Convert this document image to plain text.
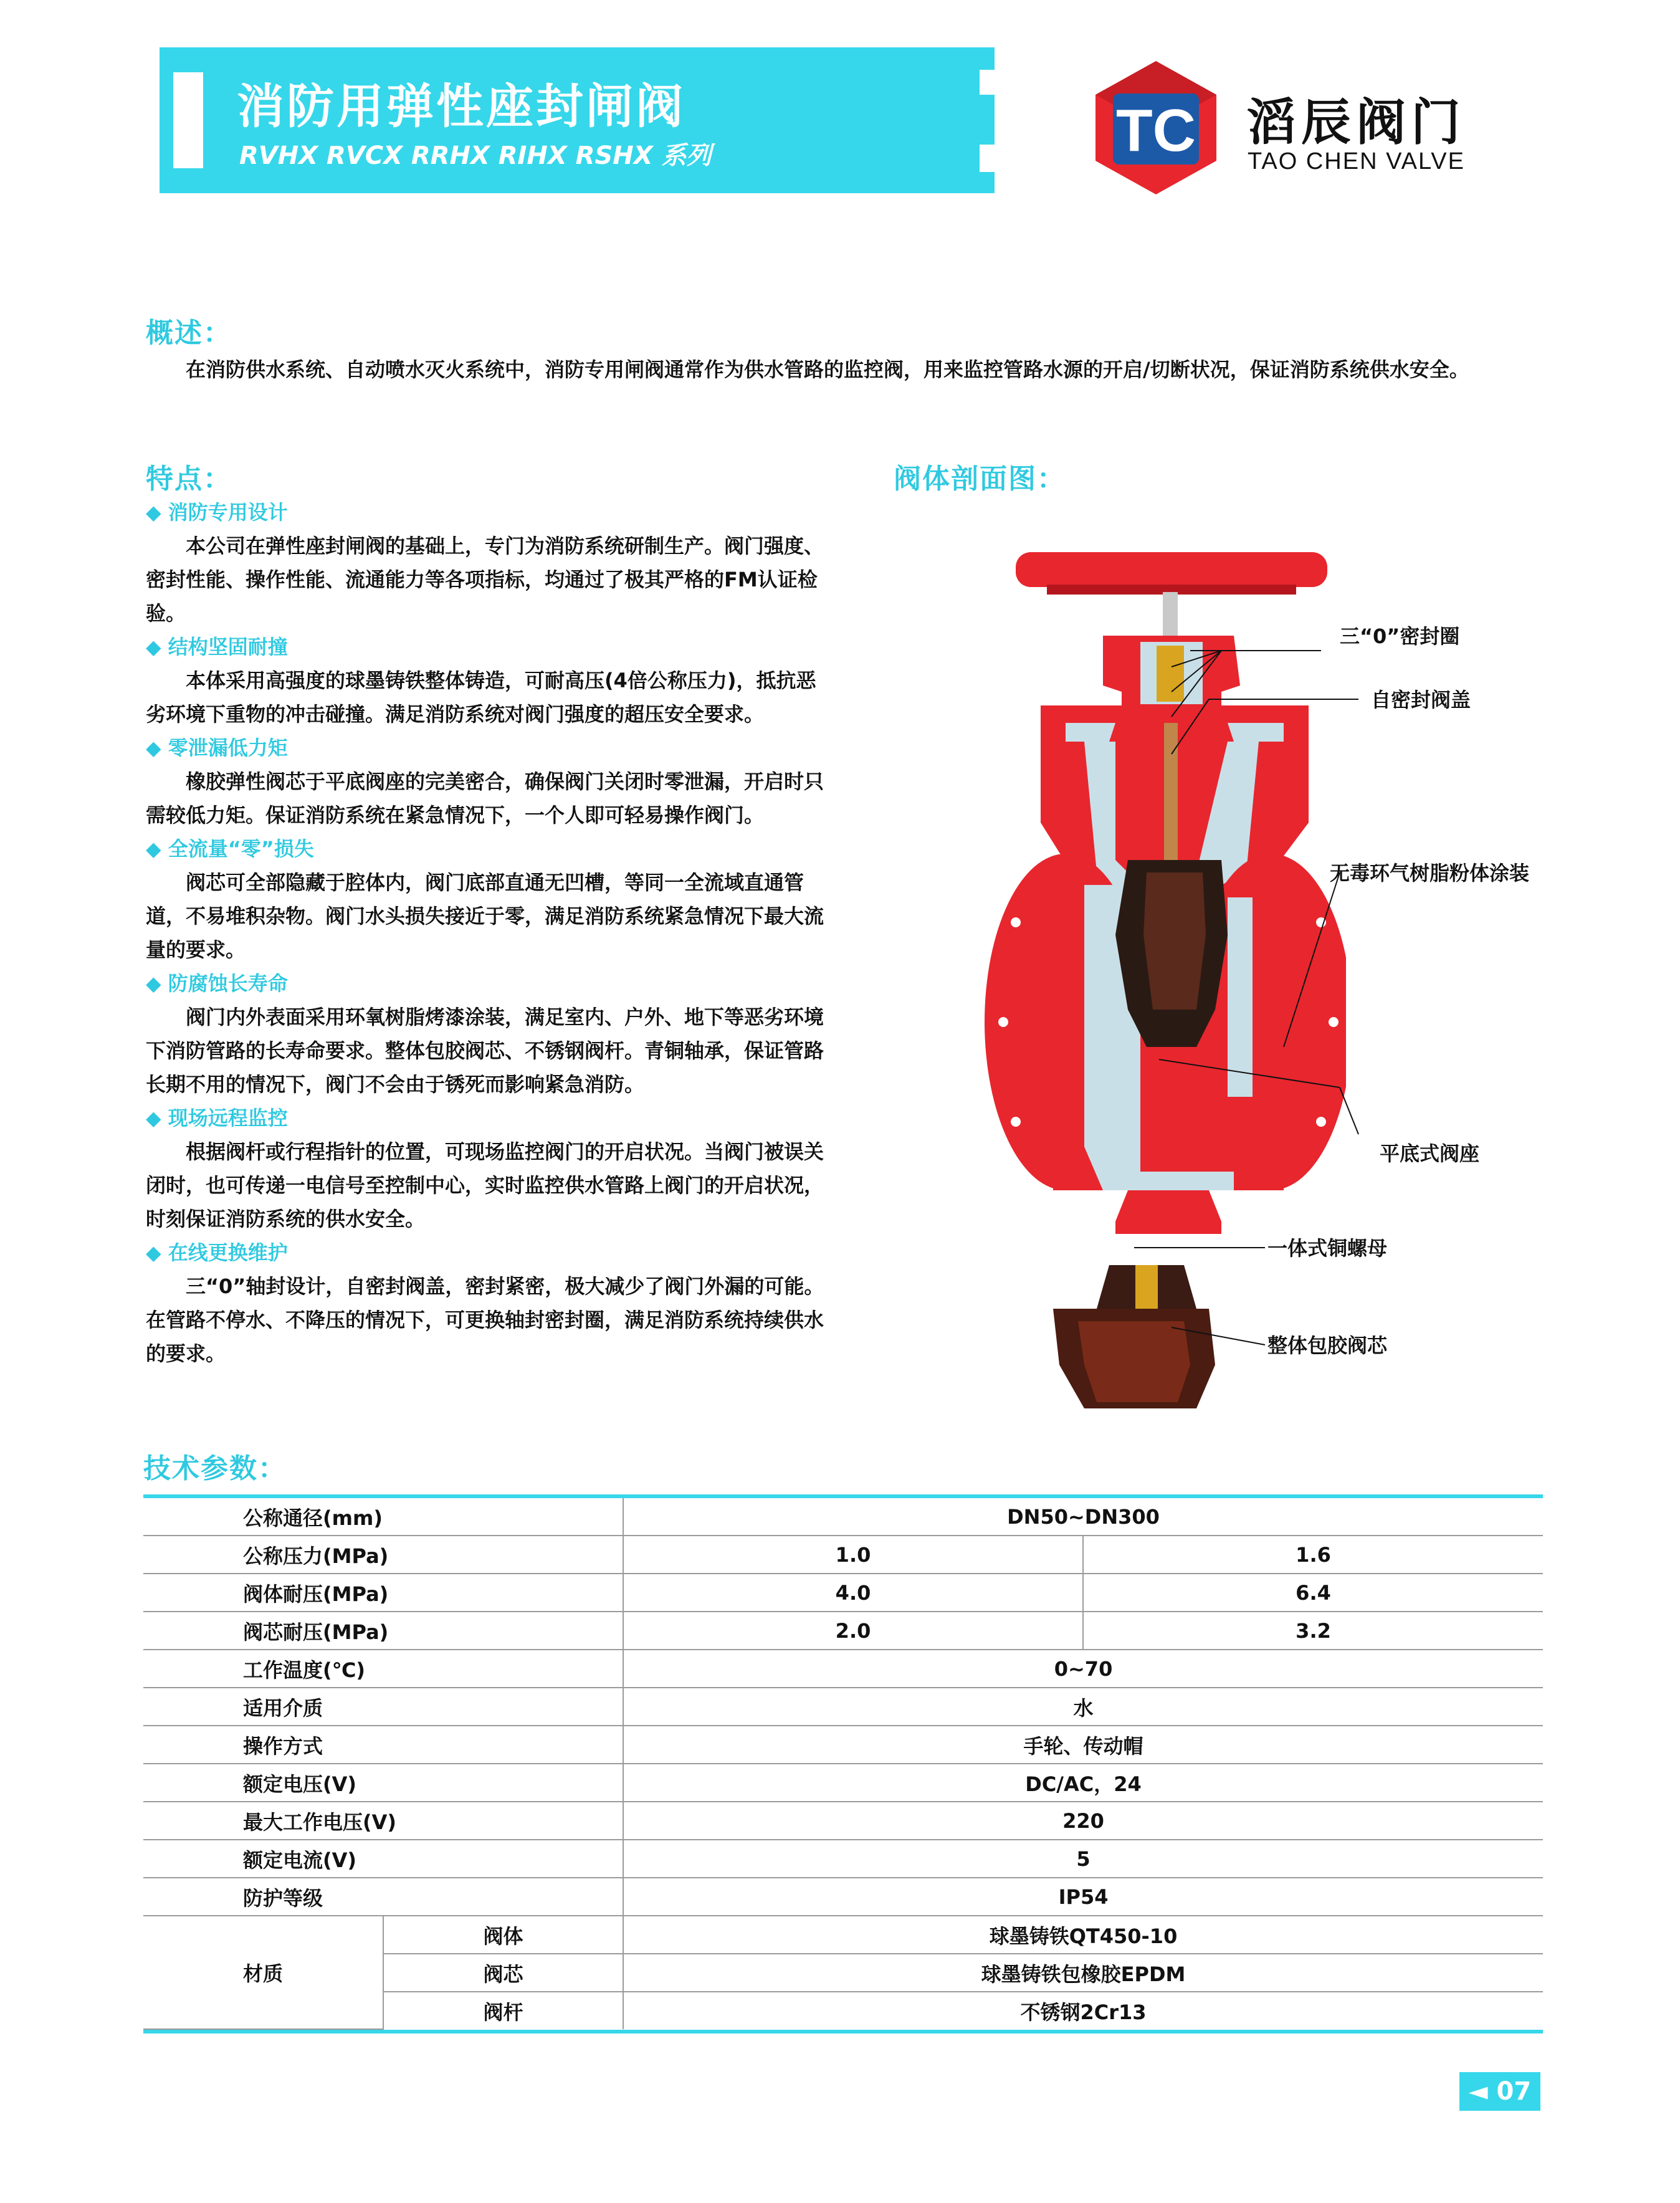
消防用弹性座封闸阀
RVHX RVCX RRHX RIHX RSHX 系列	TC 滔辰阀门
TAO CHEN VALVE
概述：
在消防供水系统、自动喷水灭火系统中，消防专用闸阀通常作为供水管路的监控阀，用来监控管路水源的开启/切断状况，保证消防系统供水安全。
特点：
◆ 消防专用设计

本公司在弹性座封闸阀的基础上，专门为消防系统研制生产。阀门强度、密封性能、操作性能、流通能力等各项指标，均通过了极其严格的FM认证检验。

◆ 结构坚固耐撞

本体采用高强度的球墨铸铁整体铸造，可耐高压(4倍公称压力)，抵抗恶劣环境下重物的冲击碰撞。满足消防系统对阀门强度的超压安全要求。

◆ 零泄漏低力矩

橡胶弹性阀芯于平底阀座的完美密合，确保阀门关闭时零泄漏，开启时只需较低力矩。保证消防系统在紧急情况下，一个人即可轻易操作阀门。

◆ 全流量“零”损失

阀芯可全部隐藏于腔体内，阀门底部直通无凹槽，等同一全流域直通管道，不易堆积杂物。阀门水头损失接近于零，满足消防系统紧急情况下最大流量的要求。

◆ 防腐蚀长寿命

阀门内外表面采用环氧树脂烤漆涂装，满足室内、户外、地下等恶劣环境下消防管路的长寿命要求。整体包胶阀芯、不锈钢阀杆。青铜轴承，保证管路长期不用的情况下，阀门不会由于锈死而影响紧急消防。

◆ 现场远程监控

根据阀杆或行程指针的位置，可现场监控阀门的开启状况。当阀门被误关闭时，也可传递一电信号至控制中心，实时监控供水管路上阀门的开启状况，时刻保证消防系统的供水安全。

◆ 在线更换维护

三“0”轴封设计，自密封阀盖，密封紧密，极大减少了阀门外漏的可能。在管路不停水、不降压的情况下，可更换轴封密封圈，满足消防系统持续供水的要求。

阀体剖面图：
三“0”密封圈
自密封阀盖
无毒环气树脂粉体涂装
平底式阀座
一体式铜螺母
整体包胶阀芯
技术参数：
公称通径(mm)		DN50~DN300	
公称压力(MPa)		1.0	1.6
阀体耐压(MPa)		4.0	6.4
阀芯耐压(MPa)		2.0	3.2
工作温度(℃)		0~70	
适用介质		水	
操作方式		手轮、传动帽	
额定电压(V)		DC/AC，24	
最大工作电压(V)		220	
额定电流(V)		5	
防护等级		IP54	
材质	阀体	球墨铸铁QT450-10	
	阀芯	球墨铸铁包橡胶EPDM	
	阀杆	不锈钢2Cr13	
◄ 07
